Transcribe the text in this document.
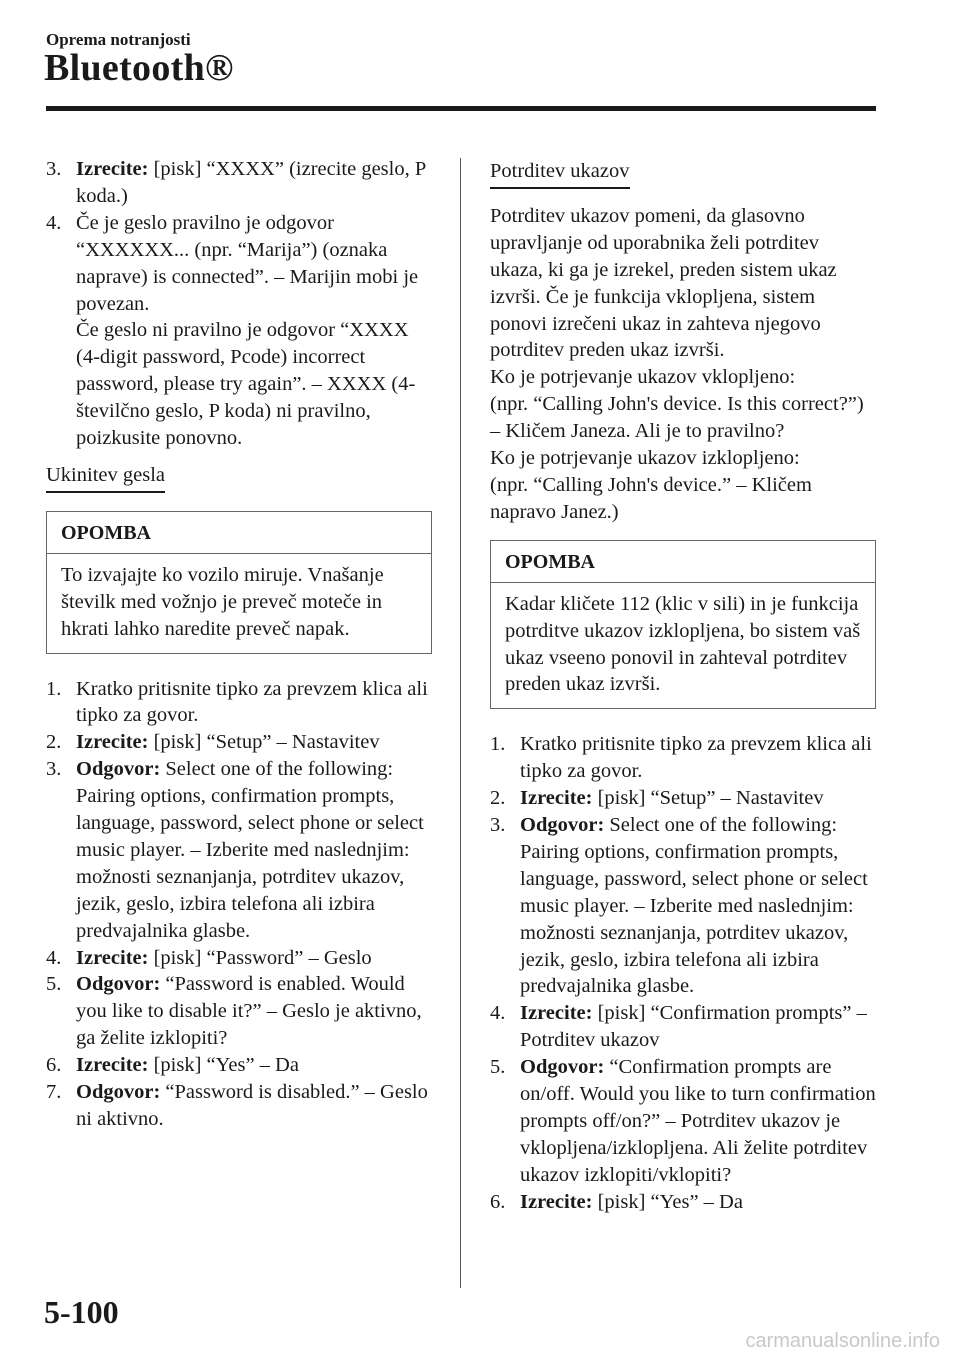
Oprema notranjosti
Bluetooth®
3. Izrecite: [pisk] “XXXX” (izrecite geslo, P koda.)
4. Če je geslo pravilno je odgovor “XXXXXX... (npr. “Marija”) (oznaka naprave) is connected”. – Marijin mobi je povezan.
Če geslo ni pravilno je odgovor “XXXX (4-digit password, Pcode) incorrect password, please try again”. – XXXX (4-številčno geslo, P koda) ni pravilno, poizkusite ponovno.
Ukinitev gesla
OPOMBA
To izvajajte ko vozilo miruje. Vnašanje številk med vožnjo je preveč moteče in hkrati lahko naredite preveč napak.
1. Kratko pritisnite tipko za prevzem klica ali tipko za govor.
2. Izrecite: [pisk] “Setup” – Nastavitev
3. Odgovor: Select one of the following: Pairing options, confirmation prompts, language, password, select phone or select music player. – Izberite med naslednjim: možnosti seznanjanja, potrditev ukazov, jezik, geslo, izbira telefona ali izbira predvajalnika glasbe.
4. Izrecite: [pisk] “Password” – Geslo
5. Odgovor: “Password is enabled. Would you like to disable it?” – Geslo je aktivno, ga želite izklopiti?
6. Izrecite: [pisk] “Yes” – Da
7. Odgovor: “Password is disabled.” – Geslo ni aktivno.
Potrditev ukazov
Potrditev ukazov pomeni, da glasovno upravljanje od uporabnika želi potrditev ukaza, ki ga je izrekel, preden sistem ukaz izvrši. Če je funkcija vklopljena, sistem ponovi izrečeni ukaz in zahteva njegovo potrditev preden ukaz izvrši.
Ko je potrjevanje ukazov vklopljeno:
(npr. “Calling John's device. Is this correct?”) – Kličem Janeza. Ali je to pravilno?
Ko je potrjevanje ukazov izklopljeno:
(npr. “Calling John's device.” – Kličem napravo Janez.)
OPOMBA
Kadar kličete 112 (klic v sili) in je funkcija potrditve ukazov izklopljena, bo sistem vaš ukaz vseeno ponovil in zahteval potrditev preden ukaz izvrši.
1. Kratko pritisnite tipko za prevzem klica ali tipko za govor.
2. Izrecite: [pisk] “Setup” – Nastavitev
3. Odgovor: Select one of the following: Pairing options, confirmation prompts, language, password, select phone or select music player. – Izberite med naslednjim: možnosti seznanjanja, potrditev ukazov, jezik, geslo, izbira telefona ali izbira predvajalnika glasbe.
4. Izrecite: [pisk] “Confirmation prompts” – Potrditev ukazov
5. Odgovor: “Confirmation prompts are on/off. Would you like to turn confirmation prompts off/on?” – Potrditev ukazov je vklopljena/izklopljena. Ali želite potrditev ukazov izklopiti/vklopiti?
6. Izrecite: [pisk] “Yes” – Da
5-100
carmanualsonline.info
